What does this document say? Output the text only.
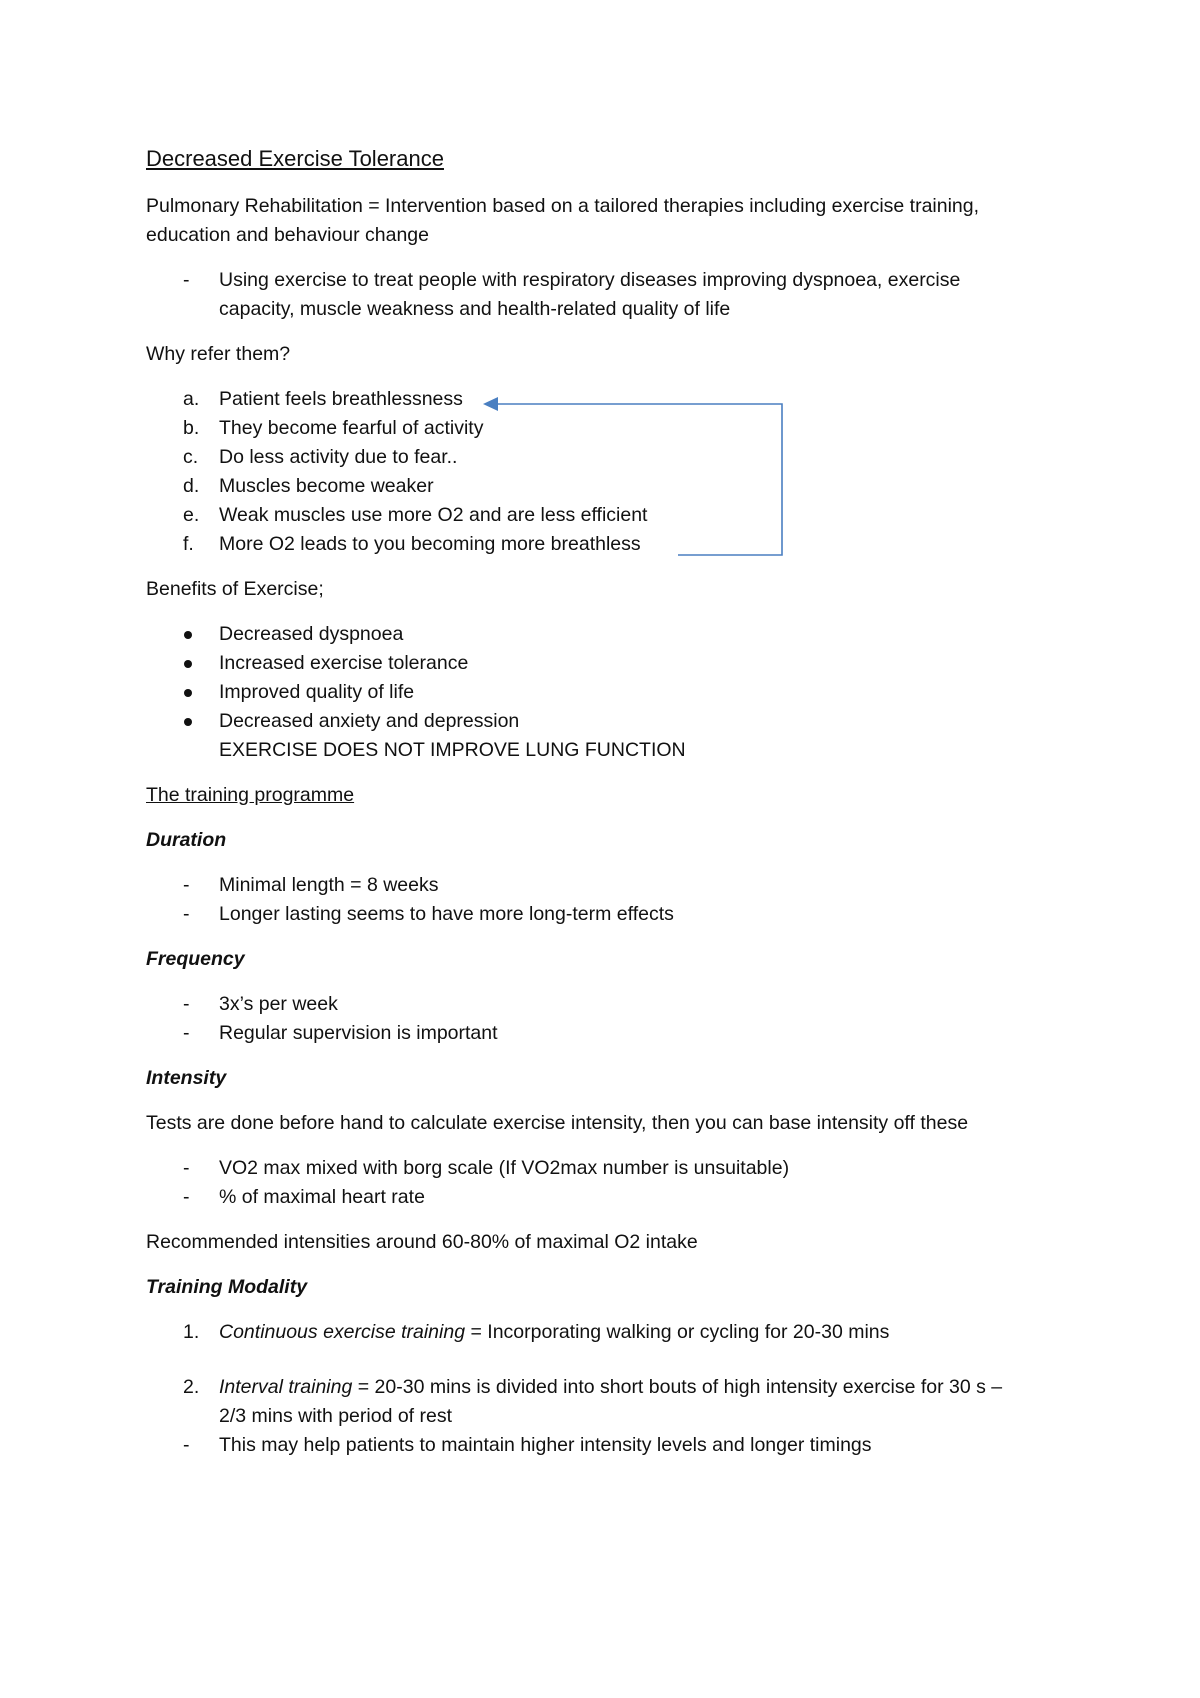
Decreased Exercise Tolerance

Pulmonary Rehabilitation = Intervention based on a tailored therapies including exercise training,
education and behaviour change

-	Using exercise to treat people with respiratory diseases improving dyspnoea, exercise
capacity, muscle weakness and health-related quality of life

Why refer them?

a.	Patient feels breathlessness
b.	They become fearful of activity
c.	Do less activity due to fear..
d.	Muscles become weaker
e.	Weak muscles use more O2 and are less efficient
f.	More O2 leads to you becoming more breathless

Benefits of Exercise;

Decreased dyspnoea
Increased exercise tolerance
Improved quality of life
Decreased anxiety and depression
EXERCISE DOES NOT IMPROVE LUNG FUNCTION

The training programme

Duration

-	Minimal length = 8 weeks
-	Longer lasting seems to have more long-term effects

Frequency

-	3x’s per week
-	Regular supervision is important

Intensity

Tests are done before hand to calculate exercise intensity, then you can base intensity off these

-	VO2 max mixed with borg scale (If VO2max number is unsuitable)
-	% of maximal heart rate

Recommended intensities around 60-80% of maximal O2 intake

Training Modality

1.	Continuous exercise training = Incorporating walking or cycling for 20-30 mins
2.	Interval training = 20-30 mins is divided into short bouts of high intensity exercise for 30 s –
2/3 mins with period of rest
-	This may help patients to maintain higher intensity levels and longer timings
